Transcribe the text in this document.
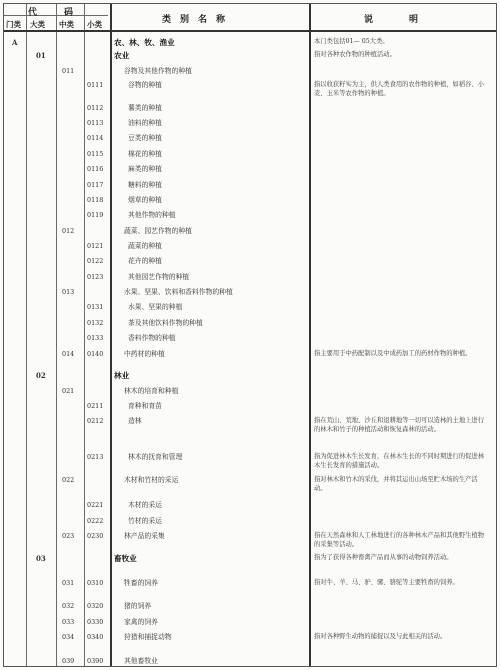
代　　　码
门类 大类 中类 小类	类　别　名　称	说　　　　明
A	农、林、牧、渔业	本门类包括01— 05大类。
01	农业	指对各种农作物的种植活动。
011	谷物及其他作物的种植
0111	谷物的种植	指以收获籽实为主，供人类食用的农作物的种植，如稻谷、小麦、玉米等农作物的种植。
0112	薯类的种植
0113	油料的种植
0114	豆类的种植
0115	棉花的种植
0116	麻类的种植
0117	糖料的种植
0118	烟草的种植
0119	其他作物的种植
012	蔬菜、园艺作物的种植
0121	蔬菜的种植
0122	花卉的种植
0123	其他园艺作物的种植
013	水果、坚果、饮料和香料作物的种植
0131	水果、坚果的种植
0132	茶及其他饮料作物的种植
0133	香料作物的种植
014 0140	中药材的种植	指主要用于中药配制以及中成药加工的药材作物的种植。
02	林业
021	林木的培育和种植
0211	育种和育苗
0212	造林	指在荒山、荒地、沙丘和退耕地等一切可以造林的土地上进行的林木和竹子的种植活动和恢复森林的活动。
0213	林木的抚育和管理	指为促进林木生长发育，在林木生长的不同时期进行的促进林木生长发育的措施活动。
022	木材和竹材的采运	指对林木和竹木的采伐，并将其运出山场至贮木场的生产活动。
0221	木材的采运
0222	竹材的采运
023 0230	林产品的采集	指在天然森林和人工林地进行的各种林木产品和其他野生植物的采集等活动。
03	畜牧业	指为了获得各种畜禽产品而从事的动物饲养活动。
031 0310	牲畜的饲养	指对牛、羊、马、驴、骡、骆驼等主要牲畜的饲养。
032 0320	猪的饲养
033 0330	家禽的饲养
034 0340	狩猎和捕捉动物	指对各种野生动物的捕捉以及与此相关的活动。
039 0390	其他畜牧业
